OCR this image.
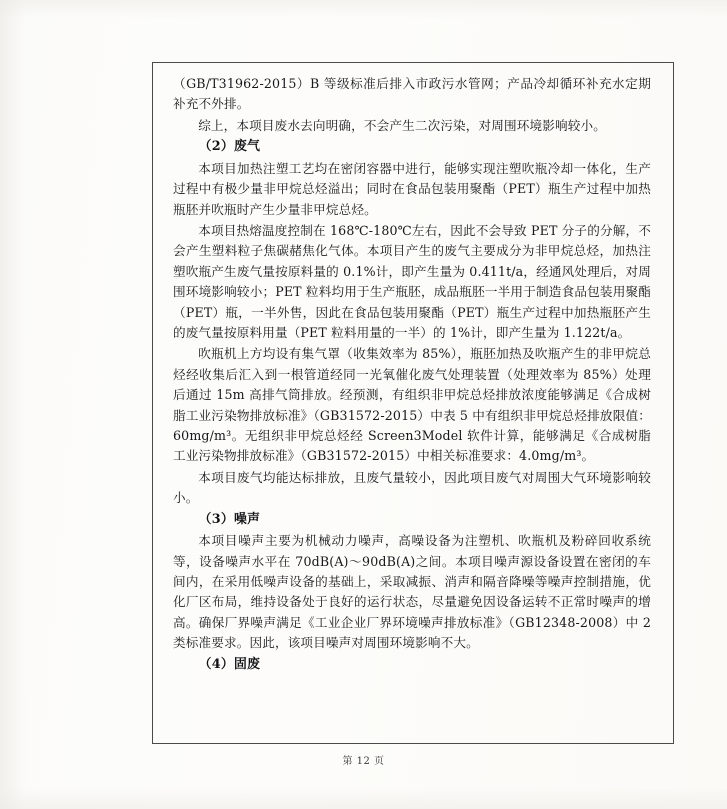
（GB/T31962-2015）B 等级标准后排入市政污水管网；产品冷却循环补充水定期补充不外排。

综上，本项目废水去向明确，不会产生二次污染，对周围环境影响较小。

（2）废气

本项目加热注塑工艺均在密闭容器中进行，能够实现注塑吹瓶冷却一体化，生产过程中有极少量非甲烷总烃溢出；同时在食品包装用聚酯（PET）瓶生产过程中加热瓶胚并吹瓶时产生少量非甲烷总烃。

本项目热熔温度控制在 168℃-180℃左右，因此不会导致 PET 分子的分解，不会产生塑料粒子焦碳赭焦化气体。本项目产生的废气主要成分为非甲烷总烃，加热注塑吹瓶产生废气量按原料量的 0.1%计，即产生量为 0.411t/a，经通风处理后，对周围环境影响较小；PET 粒料均用于生产瓶胚，成品瓶胚一半用于制造食品包装用聚酯（PET）瓶，一半外售，因此在食品包装用聚酯（PET）瓶生产过程中加热瓶胚产生的废气量按原料用量（PET 粒料用量的一半）的 1%计，即产生量为 1.122t/a。

吹瓶机上方均设有集气罩（收集效率为 85%），瓶胚加热及吹瓶产生的非甲烷总烃经收集后汇入到一根管道经同一光氧催化废气处理装置（处理效率为 85%）处理后通过 15m 高排气筒排放。经预测，有组织非甲烷总烃排放浓度能够满足《合成树脂工业污染物排放标准》（GB31572-2015）中表 5 中有组织非甲烷总烃排放限值：60mg/m³。无组织非甲烷总烃经 Screen3Model 软件计算，能够满足《合成树脂工业污染物排放标准》（GB31572-2015）中相关标准要求：4.0mg/m³。

本项目废气均能达标排放，且废气量较小，因此项目废气对周围大气环境影响较小。

（3）噪声

本项目噪声主要为机械动力噪声，高噪设备为注塑机、吹瓶机及粉碎回收系统等，设备噪声水平在 70dB(A)～90dB(A)之间。本项目噪声源设备设置在密闭的车间内，在采用低噪声设备的基础上，采取减振、消声和隔音降噪等噪声控制措施，优化厂区布局，维持设备处于良好的运行状态，尽量避免因设备运转不正常时噪声的增高。确保厂界噪声满足《工业企业厂界环境噪声排放标准》（GB12348-2008）中 2 类标准要求。因此，该项目噪声对周围环境影响不大。

（4）固废

第 12 页
